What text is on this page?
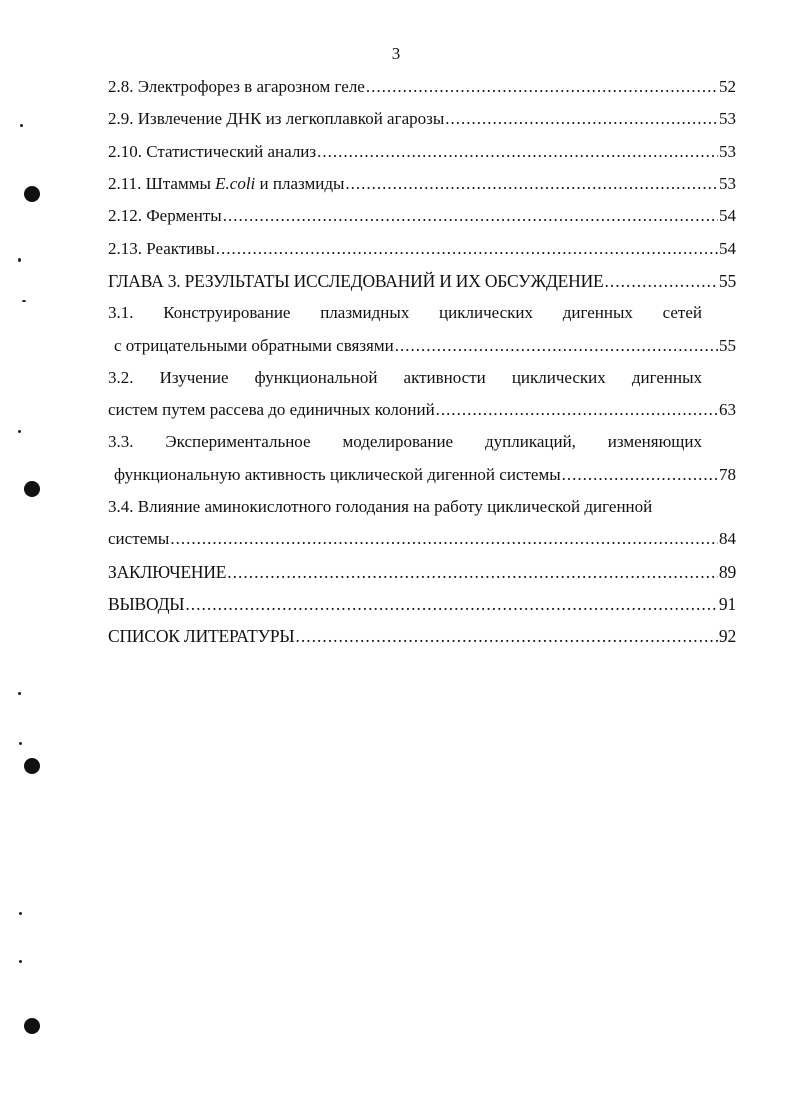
3
2.8. Электрофорез в агарозном геле .....	52
2.9. Извлечение ДНК из легкоплавкой агарозы .....	53
2.10. Статистический анализ .....	53
2.11. Штаммы E.coli и плазмиды .....	53
2.12. Ферменты .....	54
2.13. Реактивы .....	54
ГЛАВА 3. РЕЗУЛЬТАТЫ ИССЛЕДОВАНИЙ И ИХ ОБСУЖДЕНИЕ .....	55
3.1. Конструирование плазмидных циклических дигенных сетей
с отрицательными обратными связями .....	55
3.2. Изучение функциональной активности циклических дигенных
систем путем рассева до единичных колоний .....	63
3.3. Экспериментальное моделирование дупликаций, изменяющих
функциональную активность циклической дигенной системы .....	78
3.4. Влияние аминокислотного голодания на работу циклической дигенной
системы .....	84
ЗАКЛЮЧЕНИЕ .....	89
ВЫВОДЫ .....	91
СПИСОК ЛИТЕРАТУРЫ .....	92
